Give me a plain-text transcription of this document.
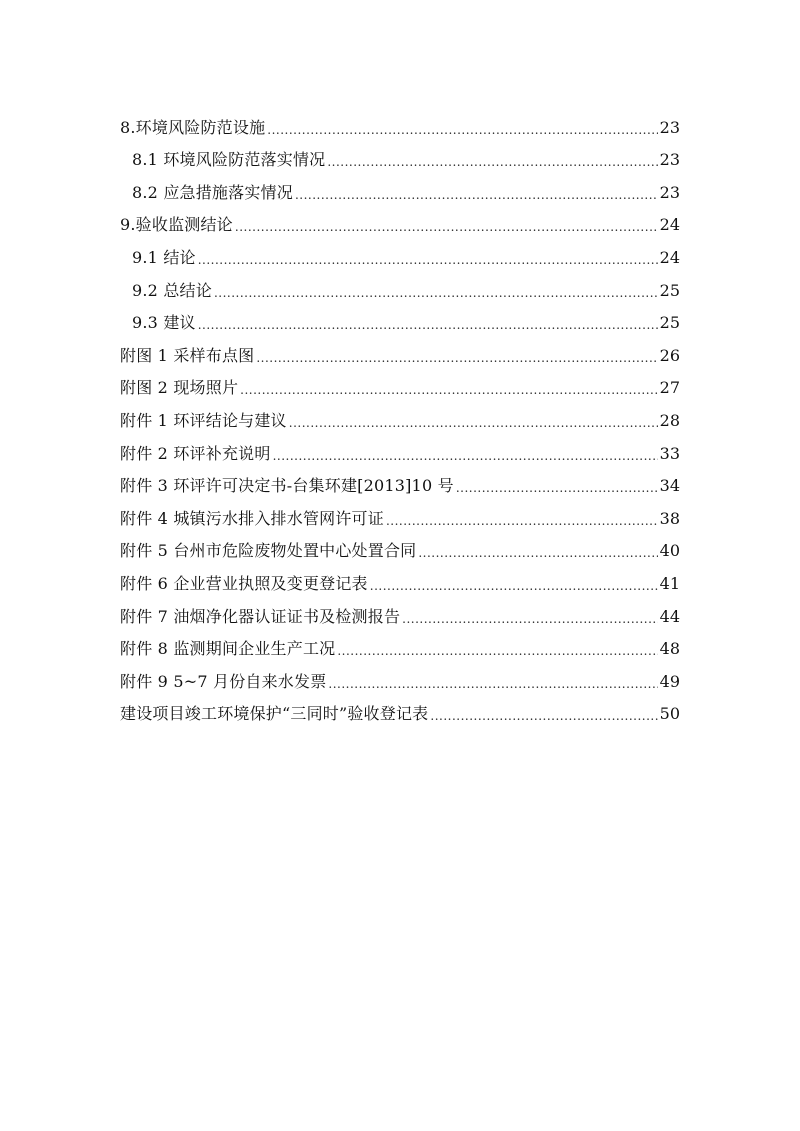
8.环境风险防范设施 .....	23
8.1 环境风险防范落实情况 .....	23
8.2 应急措施落实情况 .....	23
9.验收监测结论 .....	24
9.1 结论 .....	24
9.2 总结论 .....	25
9.3 建议 .....	25
附图 1 采样布点图 .....	26
附图 2 现场照片 .....	27
附件 1 环评结论与建议 .....	28
附件 2 环评补充说明 .....	33
附件 3 环评许可决定书-台集环建[2013]10 号 .....	34
附件 4 城镇污水排入排水管网许可证 .....	38
附件 5 台州市危险废物处置中心处置合同 .....	40
附件 6 企业营业执照及变更登记表 .....	41
附件 7 油烟净化器认证证书及检测报告 .....	44
附件 8 监测期间企业生产工况 .....	48
附件 9 5~7 月份自来水发票 .....	49
建设项目竣工环境保护“三同时”验收登记表 .....	50
